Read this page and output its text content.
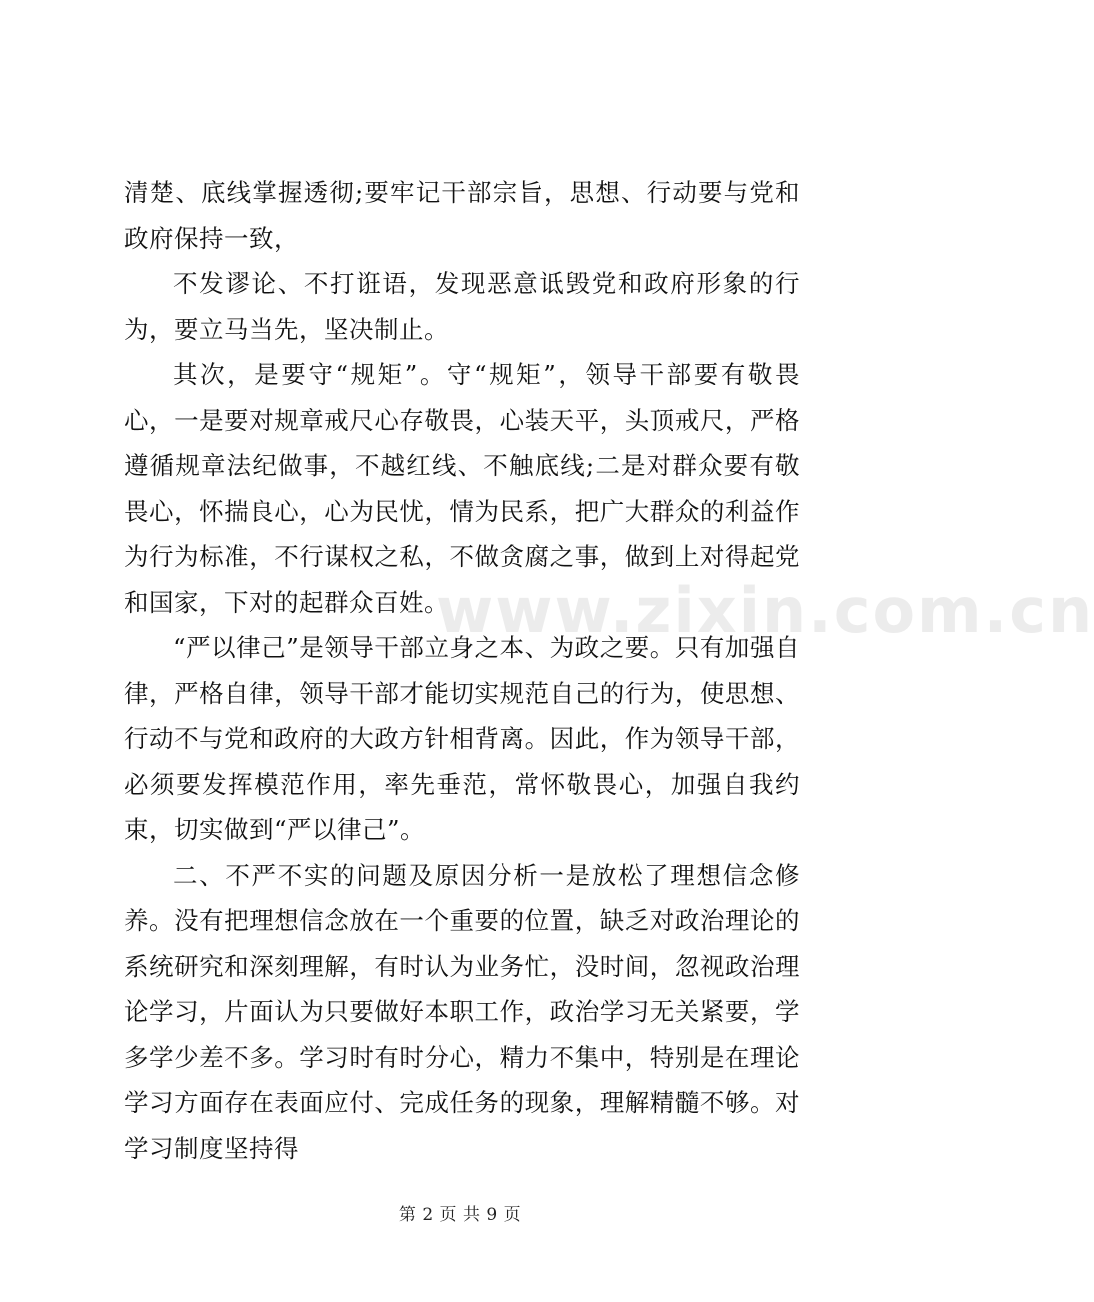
www.zixin.com.cn

清楚、底线掌握透彻;要牢记干部宗旨，思想、行动要与党和政府保持一致，

不发谬论、不打诳语，发现恶意诋毁党和政府形象的行为，要立马当先，坚决制止。

其次，是要守“规矩”。守“规矩”，领导干部要有敬畏心，一是要对规章戒尺心存敬畏，心装天平，头顶戒尺，严格遵循规章法纪做事，不越红线、不触底线;二是对群众要有敬畏心，怀揣良心，心为民忧，情为民系，把广大群众的利益作为行为标准，不行谋权之私，不做贪腐之事，做到上对得起党和国家，下对的起群众百姓。

“严以律己”是领导干部立身之本、为政之要。只有加强自律，严格自律，领导干部才能切实规范自己的行为，使思想、行动不与党和政府的大政方针相背离。因此，作为领导干部，必须要发挥模范作用，率先垂范，常怀敬畏心，加强自我约束，切实做到“严以律己”。

二、不严不实的问题及原因分析一是放松了理想信念修养。没有把理想信念放在一个重要的位置，缺乏对政治理论的系统研究和深刻理解，有时认为业务忙，没时间，忽视政治理论学习，片面认为只要做好本职工作，政治学习无关紧要，学多学少差不多。学习时有时分心，精力不集中，特别是在理论学习方面存在表面应付、完成任务的现象，理解精髓不够。对学习制度坚持得

第 2 页 共 9 页
